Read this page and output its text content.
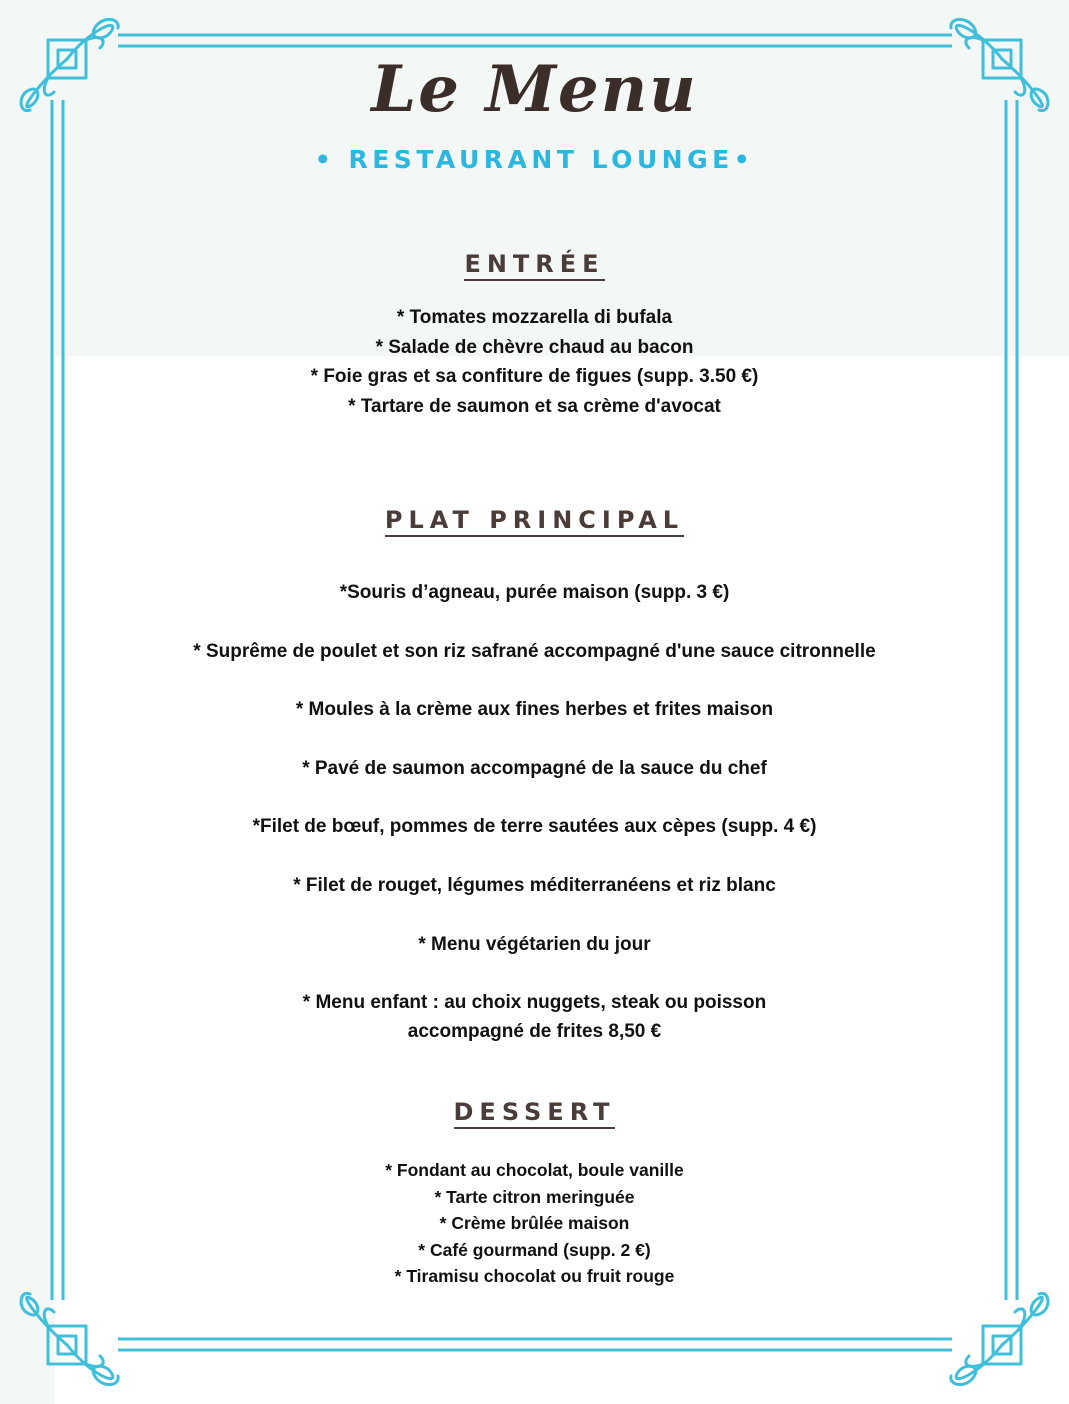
Le Menu

• RESTAURANT LOUNGE•

ENTRÉE
* Tomates mozzarella di bufala
* Salade de chèvre chaud au bacon
* Foie gras et sa confiture de figues (supp. 3.50 €)
* Tartare de saumon et sa crème d'avocat
PLAT PRINCIPAL
*Souris d’agneau, purée maison (supp. 3 €)
* Suprême de poulet et son riz safrané accompagné d'une sauce citronnelle
* Moules à la crème aux fines herbes et frites maison
* Pavé de saumon accompagné de la sauce du chef
*Filet de bœuf, pommes de terre sautées aux cèpes (supp. 4 €)
* Filet de rouget, légumes méditerranéens et riz blanc
* Menu végétarien du jour
* Menu enfant : au choix nuggets, steak ou poisson
accompagné de frites 8,50 €
DESSERT
* Fondant au chocolat, boule vanille
* Tarte citron meringuée
* Crème brûlée maison
* Café gourmand (supp. 2 €)
* Tiramisu chocolat ou fruit rouge
